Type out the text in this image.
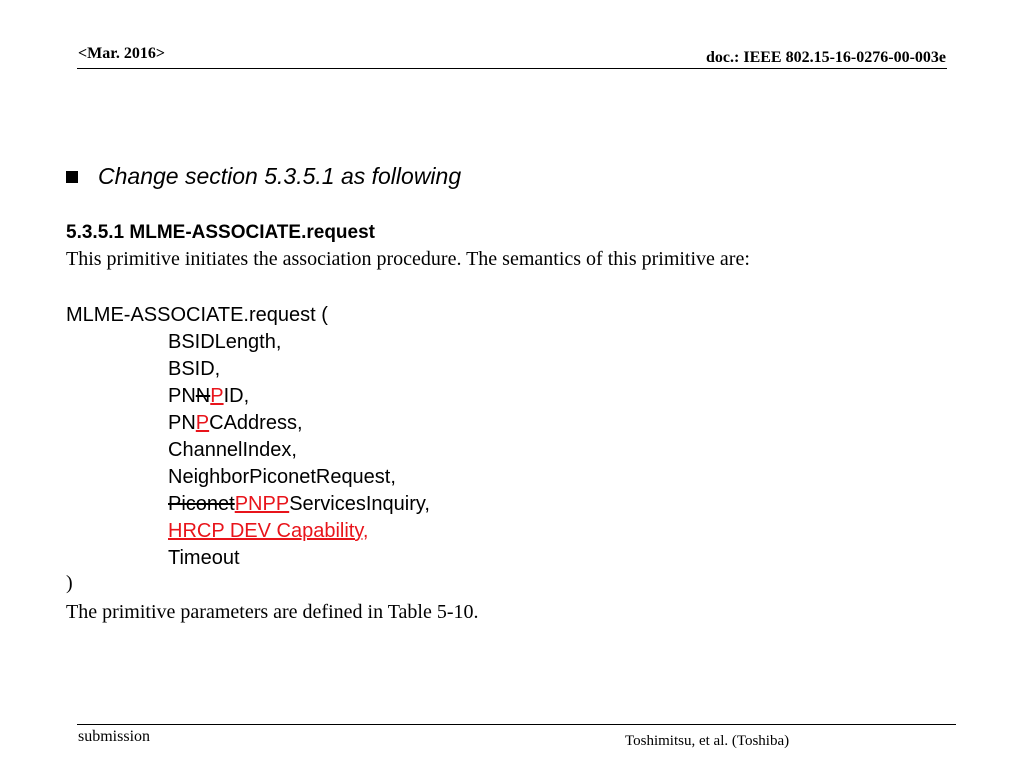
<Mar. 2016>	doc.: IEEE 802.15-16-0276-00-003e
Change section 5.3.5.1 as following
5.3.5.1 MLME-ASSOCIATE.request
This primitive initiates the association procedure. The semantics of this primitive are:
MLME-ASSOCIATE.request (
BSIDLength,
BSID,
PNNPID,
PNPCAddress,
ChannelIndex,
NeighborPiconetRequest,
PiconetPNPPServicesInquiry,
HRCP DEV Capability,
Timeout
)
The primitive parameters are defined in Table 5-10.
submission	Toshimitsu, et al. (Toshiba)
